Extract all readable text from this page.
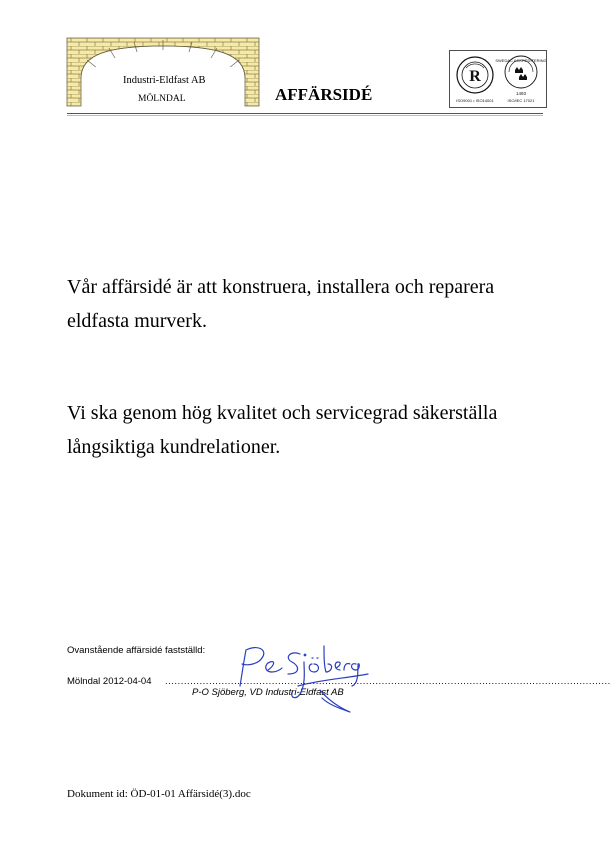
Industri-Eldfast AB
MÖLNDAL	AFFÄRSIDÉ
R
ISO9001 • ISO14001
SWEDAC ACKREDITERING
1493
ISO/IEC 17021
Vår affärsidé är att konstruera, installera och reparera eldfasta murverk.
Vi ska genom hög kvalitet och servicegrad säkerställa långsiktiga kundrelationer.
Ovanstående affärsidé fastställd:
Mölndal 2012-04-04 ..............................................................................................................................................
P-O Sjöberg, VD Industri-Eldfast AB
Dokument id: ÖD-01-01 Affärsidé(3).doc
